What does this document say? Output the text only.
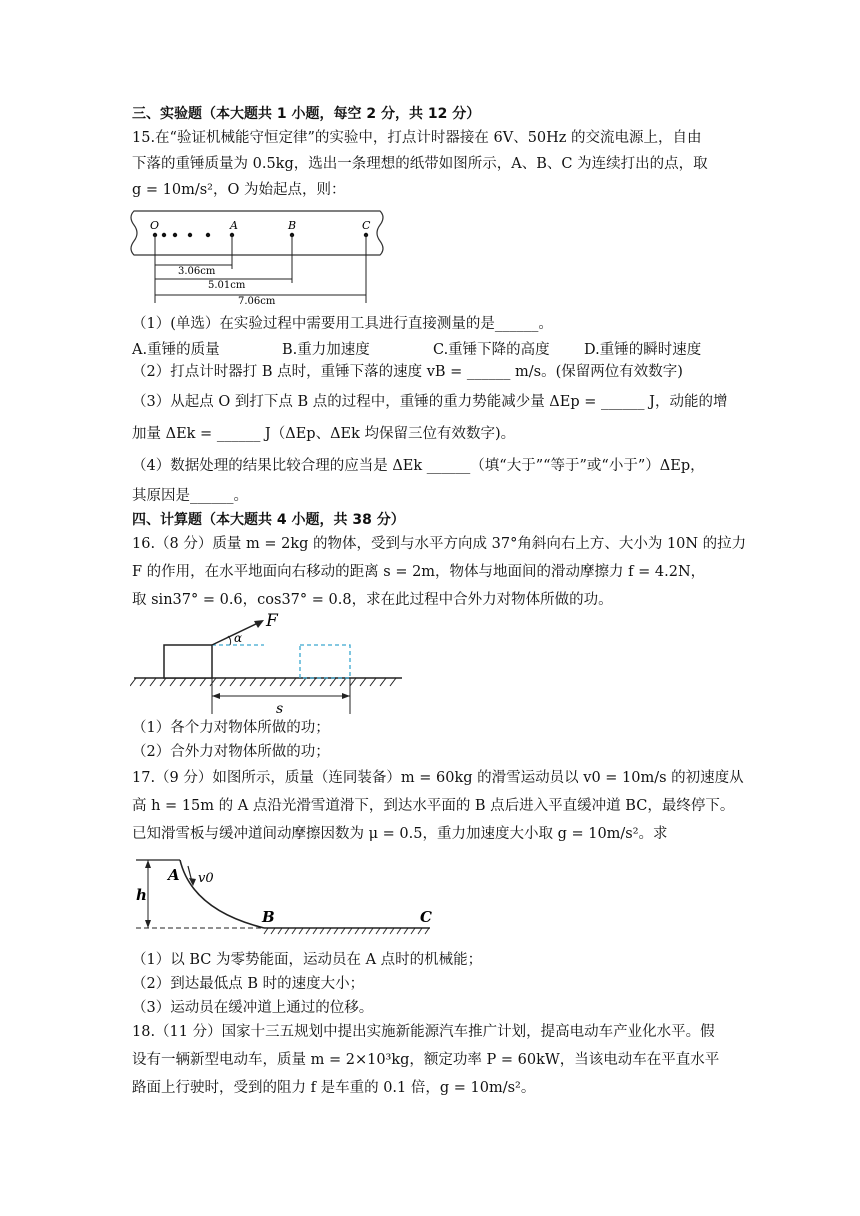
三、实验题（本大题共 1 小题，每空 2 分，共 12 分）
15.在“验证机械能守恒定律”的实验中，打点计时器接在 6V、50Hz 的交流电源上，自由
下落的重锤质量为 0.5kg，选出一条理想的纸带如图所示，A、B、C 为连续打出的点，取
g = 10m/s²，O 为始起点，则：
O	A	B	C
3.06cm
5.01cm
7.06cm
（1）(单选）在实验过程中需要用工具进行直接测量的是______。
A.重锤的质量	B.重力加速度	C.重锤下降的高度 D.重锤的瞬时速度
（2）打点计时器打 B 点时，重锤下落的速度 vB = ______ m/s。(保留两位有效数字)
（3）从起点 O 到打下点 B 点的过程中，重锤的重力势能减少量 ΔEp = ______ J，动能的增
加量 ΔEk = ______ J（ΔEp、ΔEk 均保留三位有效数字)。
（4）数据处理的结果比较合理的应当是 ΔEk ______（填“大于”“等于”或“小于”）ΔEp，
其原因是______。
四、计算题（本大题共 4 小题，共 38 分）
16.（8 分）质量 m = 2kg 的物体，受到与水平方向成 37°角斜向右上方、大小为 10N 的拉力
F 的作用，在水平地面向右移动的距离 s = 2m，物体与地面间的滑动摩擦力 f = 4.2N，
取 sin37° = 0.6，cos37° = 0.8，求在此过程中合外力对物体所做的功。
F
α
s
（1）各个力对物体所做的功；
（2）合外力对物体所做的功；
17.（9 分）如图所示，质量（连同装备）m = 60kg 的滑雪运动员以 v0 = 10m/s 的初速度从
高 h = 15m 的 A 点沿光滑雪道滑下，到达水平面的 B 点后进入平直缓冲道 BC，最终停下。
已知滑雪板与缓冲道间动摩擦因数为 μ = 0.5，重力加速度大小取 g = 10m/s²。求
A v0
h
B	C
（1）以 BC 为零势能面，运动员在 A 点时的机械能；
（2）到达最低点 B 时的速度大小；
（3）运动员在缓冲道上通过的位移。
18.（11 分）国家十三五规划中提出实施新能源汽车推广计划，提高电动车产业化水平。假
设有一辆新型电动车，质量 m = 2×10³kg，额定功率 P = 60kW，当该电动车在平直水平
路面上行驶时，受到的阻力 f 是车重的 0.1 倍，g = 10m/s²。
